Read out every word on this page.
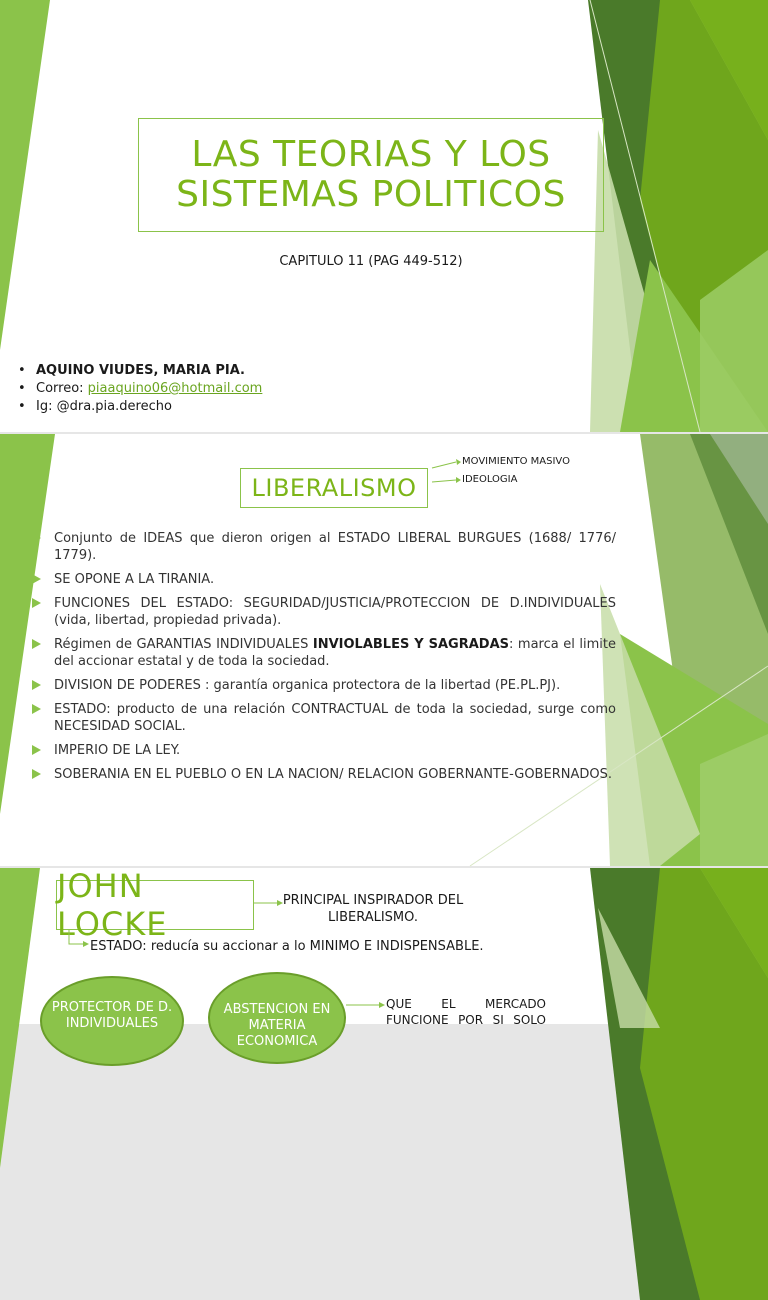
LAS TEORIAS Y LOS
SISTEMAS POLITICOS
CAPITULO 11 (PAG 449-512)
• AQUINO VIUDES, MARIA PIA.
• Correo: piaaquino06@hotmail.com
• Ig: @dra.pia.derecho
LIBERALISMO
MOVIMIENTO MASIVO
IDEOLOGIA
Conjunto de IDEAS que dieron origen al ESTADO LIBERAL BURGUES (1688/ 1776/ 1779).
SE OPONE A LA TIRANIA.
FUNCIONES DEL ESTADO: SEGURIDAD/JUSTICIA/PROTECCION DE D.INDIVIDUALES (vida, libertad, propiedad privada).
Régimen de GARANTIAS INDIVIDUALES INVIOLABLES Y SAGRADAS: marca el limite del accionar estatal y de toda la sociedad.
DIVISION DE PODERES : garantía organica protectora de la libertad (PE.PL.PJ).
ESTADO: producto de una relación CONTRACTUAL de toda la sociedad, surge como NECESIDAD SOCIAL.
IMPERIO DE LA LEY.
SOBERANIA EN EL PUEBLO O EN LA NACION/ RELACION GOBERNANTE-GOBERNADOS.
JOHN LOCKE
PRINCIPAL INSPIRADOR DEL LIBERALISMO.
ESTADO: reducía su accionar a lo MINIMO E INDISPENSABLE.
PROTECTOR DE D. INDIVIDUALES
ABSTENCION EN MATERIA ECONOMICA
QUE EL MERCADO FUNCIONE POR SI SOLO
